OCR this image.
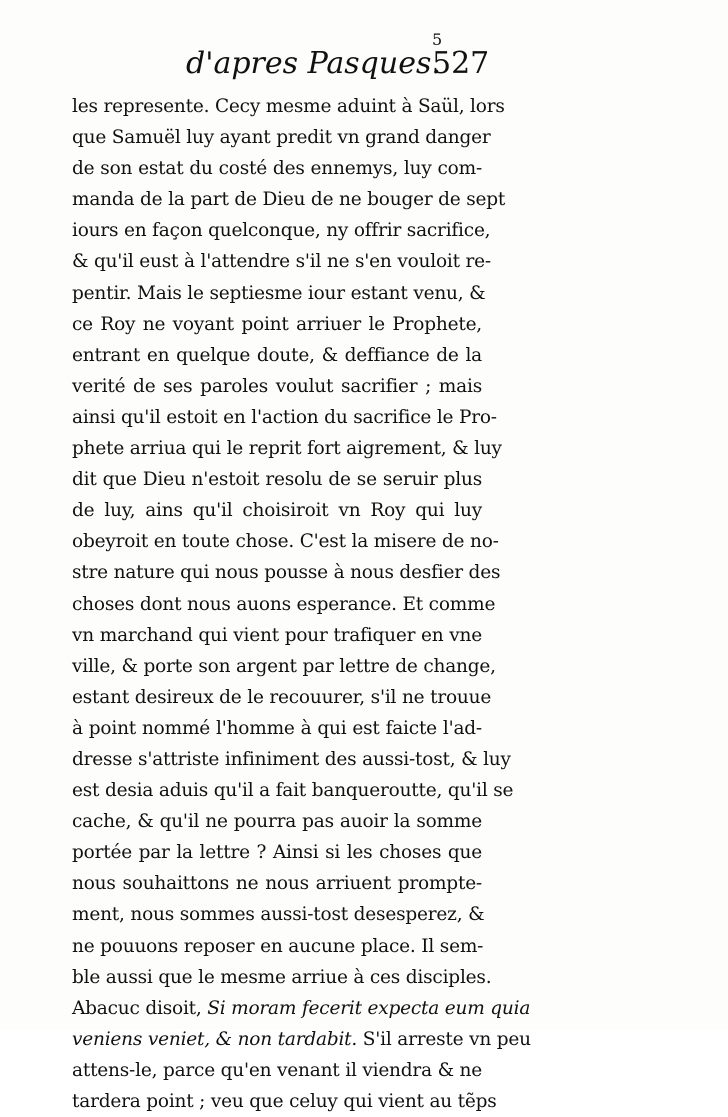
5
d'apres Pasques.
527
les represente. Cecy mesme aduint à Saül, lors
que Samuël luy ayant predit vn grand danger
de son estat du costé des ennemys, luy com-
manda de la part de Dieu de ne bouger de sept
iours en façon quelconque, ny offrir sacrifice,
& qu'il eust à l'attendre s'il ne s'en vouloit re-
pentir. Mais le septiesme iour estant venu, &
ce Roy ne voyant point arriuer le Prophete,
entrant en quelque doute, & deffiance de la
verité de ses paroles voulut sacrifier ; mais
ainsi qu'il estoit en l'action du sacrifice le Pro-
phete arriua qui le reprit fort aigrement, & luy
dit que Dieu n'estoit resolu de se seruir plus
de luy, ains qu'il choisiroit vn Roy qui luy
obeyroit en toute chose. C'est la misere de no-
stre nature qui nous pousse à nous desfier des
choses dont nous auons esperance. Et comme
vn marchand qui vient pour trafiquer en vne
ville, & porte son argent par lettre de change,
estant desireux de le recouurer, s'il ne trouue
à point nommé l'homme à qui est faicte l'ad-
dresse s'attriste infiniment des aussi-tost, & luy
est desia aduis qu'il a fait banqueroutte, qu'il se
cache, & qu'il ne pourra pas auoir la somme
portée par la lettre ? Ainsi si les choses que
nous souhaittons ne nous arriuent prompte-
ment, nous sommes aussi-tost desesperez, &
ne pouuons reposer en aucune place. Il sem-
ble aussi que le mesme arriue à ces disciples.
Abacuc disoit, Si moram fecerit expecta eum quia
veniens veniet, & non tardabit. S'il arreste vn peu
attens-le, parce qu'en venant il viendra & ne
tardera point ; veu que celuy qui vient au tẽps
